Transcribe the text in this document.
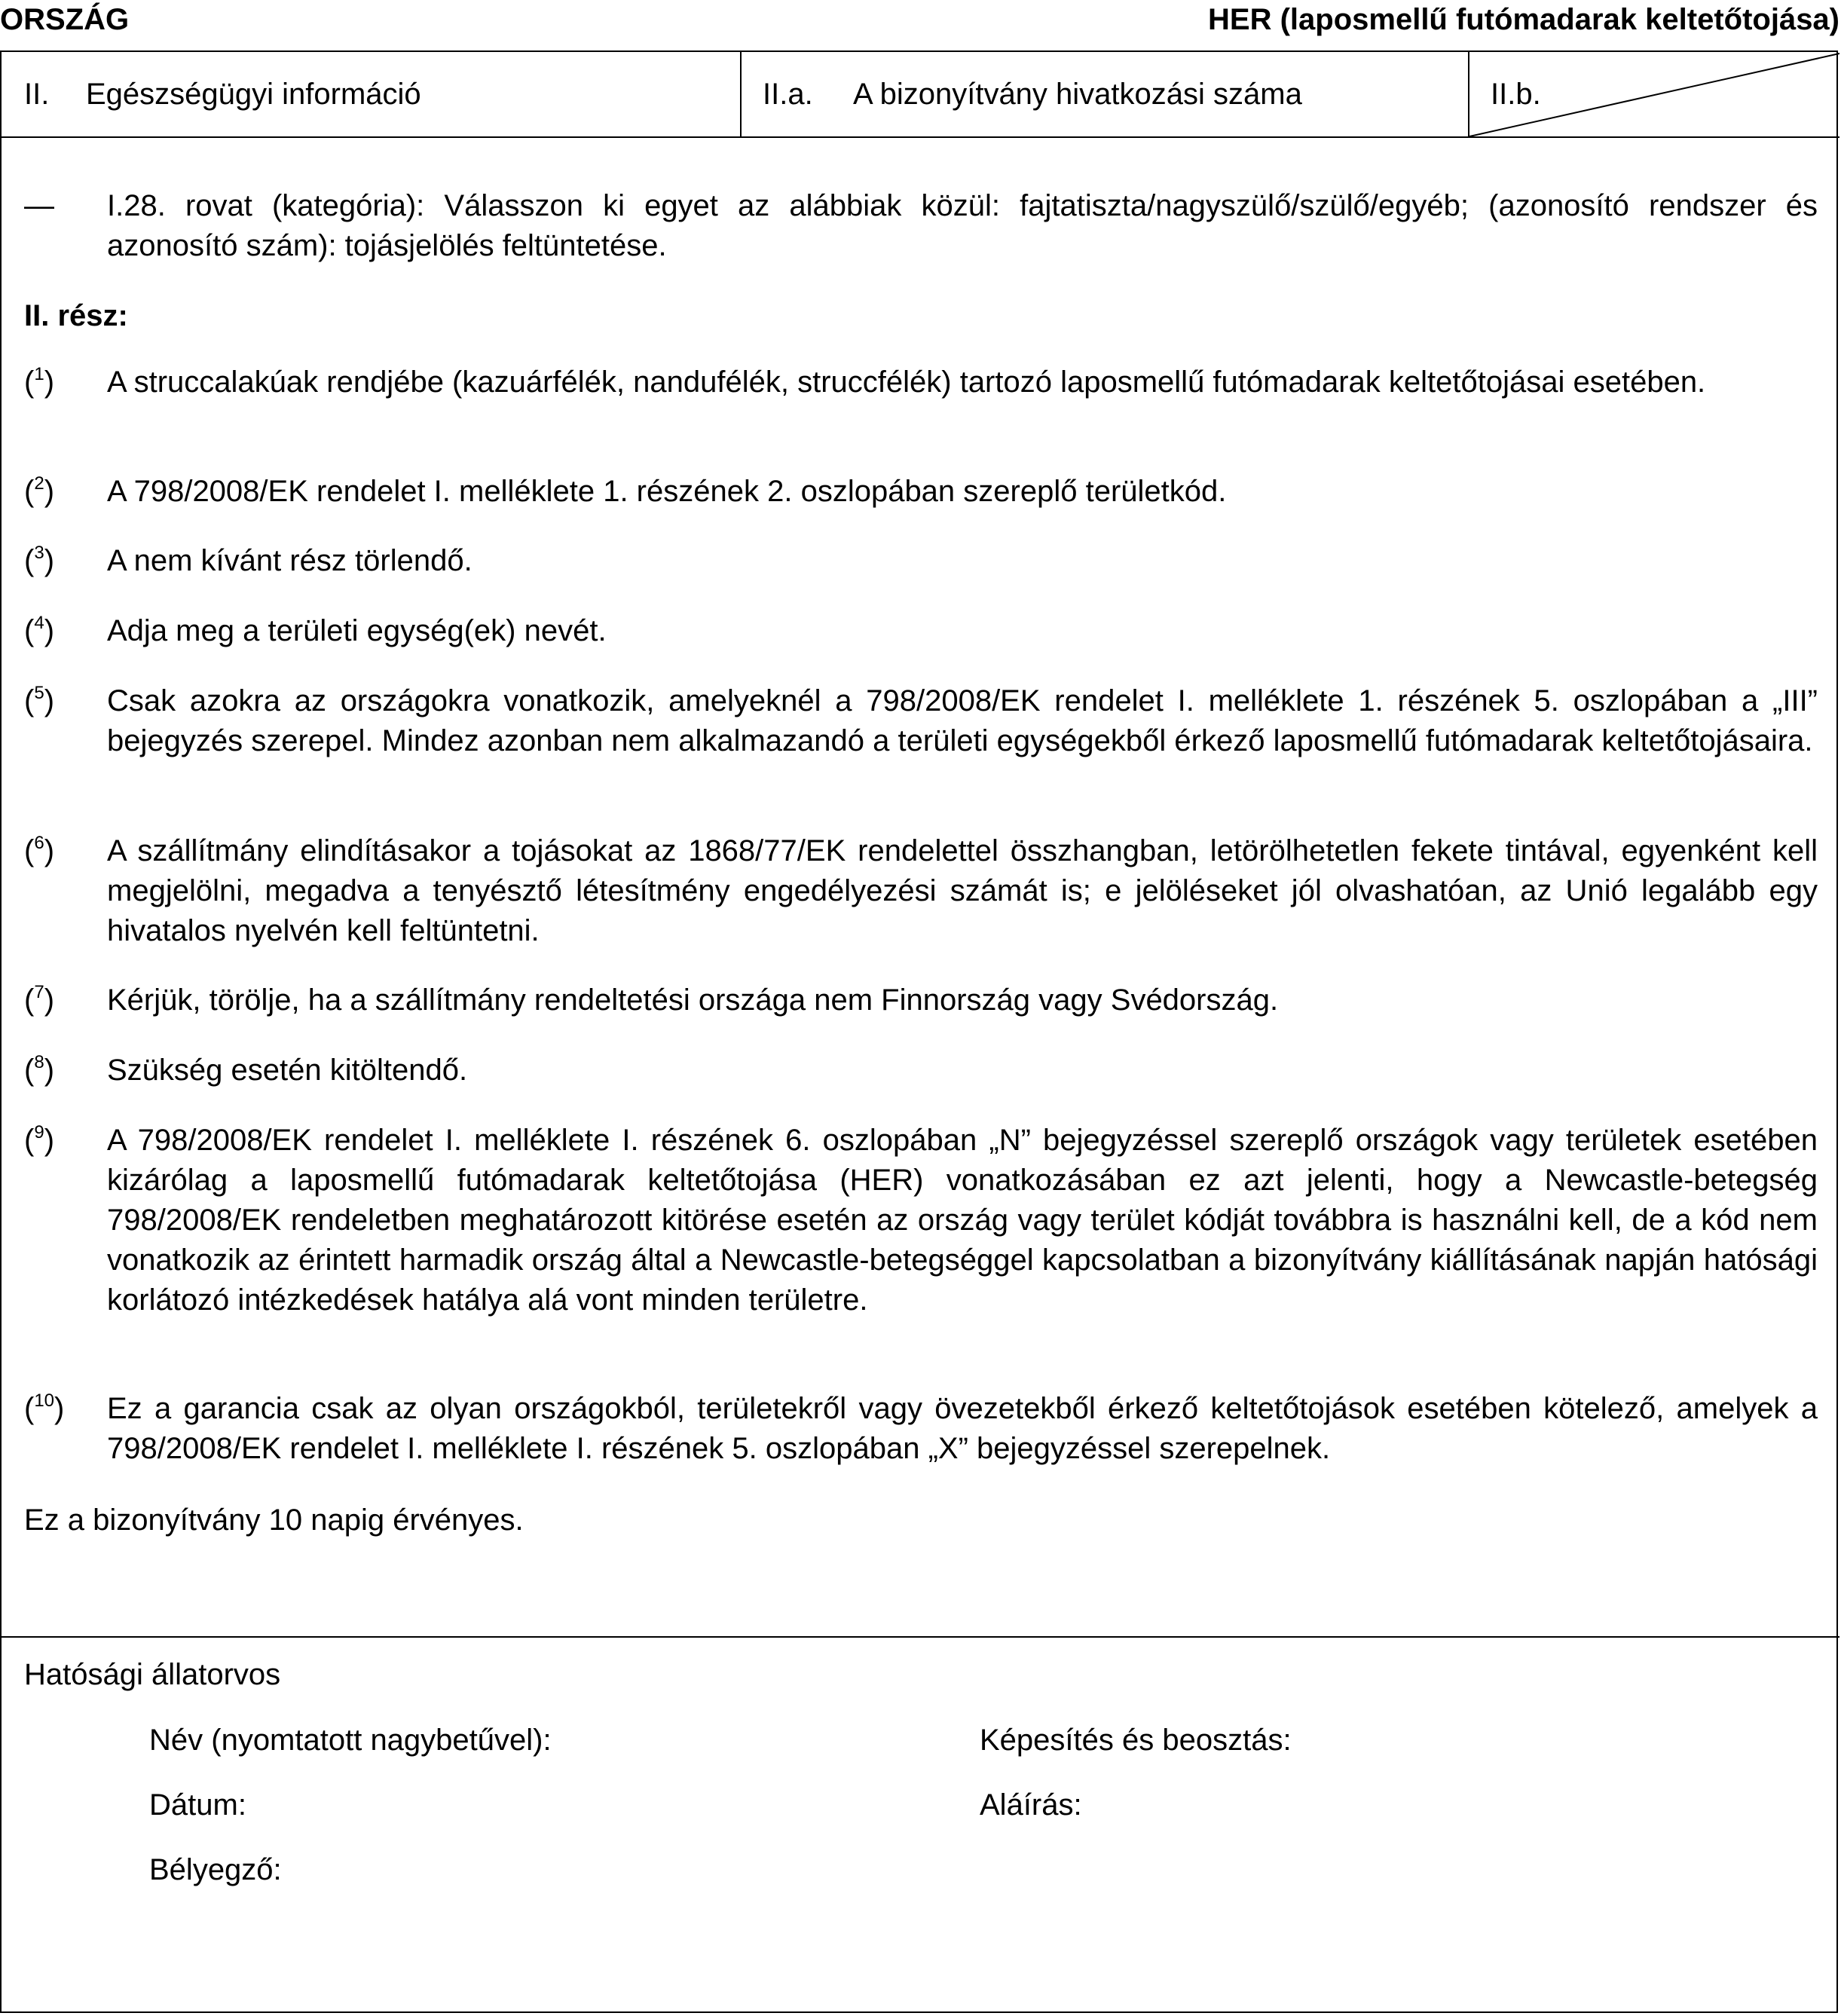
ORSZÁG	HER (laposmellű futómadarak keltetőtojása)
II. Egészségügyi információ	II.a. A bizonyítvány hivatkozási száma	II.b.
— I.28. rovat (kategória): Válasszon ki egyet az alábbiak közül: fajtatiszta/nagyszülő/szülő/egyéb; (azonosító rendszer és azonosító szám): tojásjelölés feltüntetése.
II. rész:
($^1$) A struccalakúak rendjébe (kazuárfélék, nandufélék, struccfélék) tartozó laposmellű futómadarak keltetőtojásai esetében.
($^2$) A 798/2008/EK rendelet I. melléklete 1. részének 2. oszlopában szereplő területkód.
($^3$) A nem kívánt rész törlendő.
($^4$) Adja meg a területi egység(ek) nevét.
($^5$) Csak azokra az országokra vonatkozik, amelyeknél a 798/2008/EK rendelet I. melléklete 1. részének 5. oszlopában a „III” bejegyzés szerepel. Mindez azonban nem alkalmazandó a területi egységekből érkező laposmellű futómadarak keltetőtojásaira.
($^6$) A szállítmány elindításakor a tojásokat az 1868/77/EK rendelettel összhangban, letörölhetetlen fekete tintával, egyenként kell megjelölni, megadva a tenyésztő létesítmény engedélyezési számát is; e jelöléseket jól olvashatóan, az Unió legalább egy hivatalos nyelvén kell feltüntetni.
($^7$) Kérjük, törölje, ha a szállítmány rendeltetési országa nem Finnország vagy Svédország.
($^8$) Szükség esetén kitöltendő.
($^9$) A 798/2008/EK rendelet I. melléklete I. részének 6. oszlopában „N” bejegyzéssel szereplő országok vagy területek esetében kizárólag a laposmellű futómadarak keltetőtojása (HER) vonatkozásában ez azt jelenti, hogy a Newcastle-betegség 798/2008/EK rendeletben meghatározott kitörése esetén az ország vagy terület kódját továbbra is használni kell, de a kód nem vonatkozik az érintett harmadik ország által a Newcastle-betegséggel kapcsolatban a bizonyítvány kiállításának napján hatósági korlátozó intézkedések hatálya alá vont minden területre.
($^{10}$) Ez a garancia csak az olyan országokból, területekről vagy övezetekből érkező keltetőtojások esetében kötelező, amelyek a 798/2008/EK rendelet I. melléklete I. részének 5. oszlopában „X” bejegyzéssel szerepelnek.
Ez a bizonyítvány 10 napig érvényes.
Hatósági állatorvos
Név (nyomtatott nagybetűvel):	Képesítés és beosztás:
Dátum:	Aláírás:
Bélyegző:
